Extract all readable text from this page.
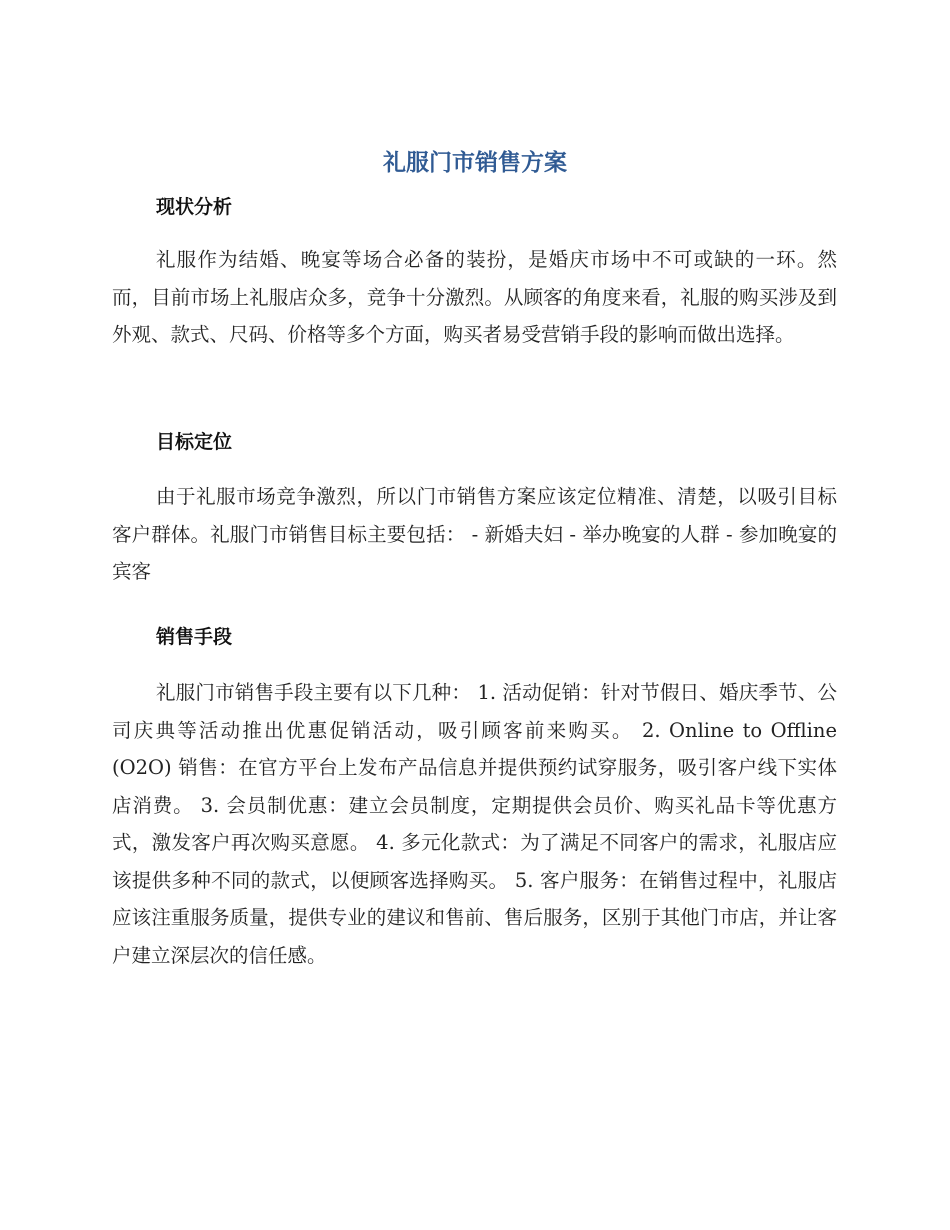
礼服门市销售方案
现状分析

礼服作为结婚、晚宴等场合必备的装扮，是婚庆市场中不可或缺的一环。然而，目前市场上礼服店众多，竞争十分激烈。从顾客的角度来看，礼服的购买涉及到外观、款式、尺码、价格等多个方面，购买者易受营销手段的影响而做出选择。

目标定位

由于礼服市场竞争激烈，所以门市销售方案应该定位精准、清楚，以吸引目标客户群体。礼服门市销售目标主要包括： - 新婚夫妇 - 举办晚宴的人群 - 参加晚宴的宾客

销售手段

礼服门市销售手段主要有以下几种： 1. 活动促销：针对节假日、婚庆季节、公司庆典等活动推出优惠促销活动，吸引顾客前来购买。 2. Online to Offline (O2O) 销售：在官方平台上发布产品信息并提供预约试穿服务，吸引客户线下实体店消费。 3. 会员制优惠：建立会员制度，定期提供会员价、购买礼品卡等优惠方式，激发客户再次购买意愿。 4. 多元化款式：为了满足不同客户的需求，礼服店应该提供多种不同的款式，以便顾客选择购买。 5. 客户服务：在销售过程中，礼服店应该注重服务质量，提供专业的建议和售前、售后服务，区别于其他门市店，并让客户建立深层次的信任感。
